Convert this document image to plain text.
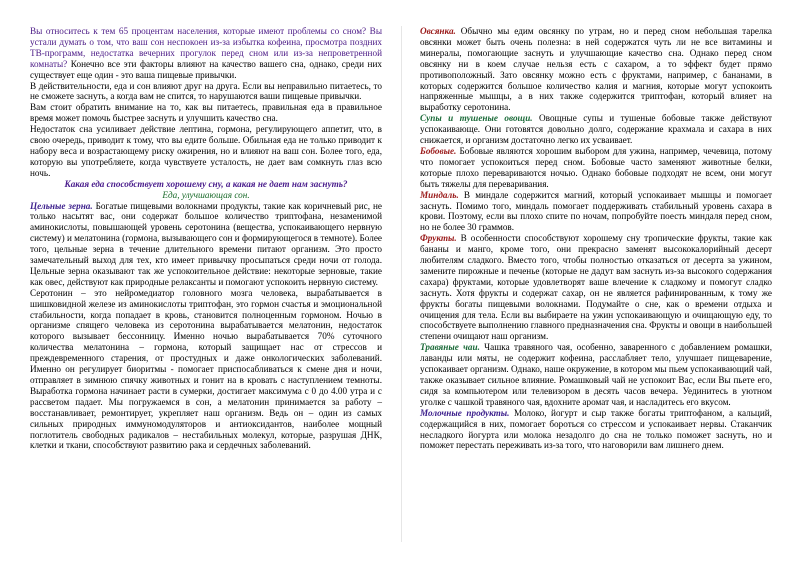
Вы относитесь к тем 65 процентам населения, которые имеют проблемы со сном? Вы устали думать о том, что ваш сон неспокоен из-за избытка кофеина, просмотра поздних ТВ-программ, недостатка вечерних прогулок перед сном или из-за непроветренной комнаты? Конечно все эти факторы влияют на качество вашего сна, однако, среди них существует еще один - это ваша пищевые привычки.

В действительности, еда и сон влияют друг на друга. Если вы неправильно питаетесь, то не сможете заснуть, а когда вам не спится, то нарушаются ваши пищевые привычки.

Вам стоит обратить внимание на то, как вы питаетесь, правильная еда в правильное время может помочь быстрее заснуть и улучшить качество сна.

Недостаток сна усиливает действие лептина, гормона, регулирующего аппетит, что, в свою очередь, приводит к тому, что вы едите больше. Обильная еда не только приводит к набору веса и возрастающему риску ожирения, но и влияют на ваш сон. Более того, еда, которую вы употребляете, когда чувствуете усталость, не дает вам сомкнуть глаз всю ночь.

Какая еда способствует хорошему сну, а какая не дает нам заснуть?

Еда, улучшающая сон.

Цельные зерна. Богатые пищевыми волокнами продукты, такие как коричневый рис, не только насытят вас, они содержат большое количество триптофана, незаменимой аминокислоты, повышающей уровень серотонина (вещества, успокаивающего нервную систему) и мелатонина (гормона, вызывающего сон и формирующегося в темноте). Более того, цельные зерна в течение длительного времени питают организм. Это просто замечательный выход для тех, кто имеет привычку просыпаться среди ночи от голода. Цельные зерна оказывают так же успокоительное действие: некоторые зерновые, такие как овес, действуют как природные релаксанты и помогают успокоить нервную систему.

Серотонин – это нейромедиатор головного мозга человека, вырабатывается в шишковидной железе из аминокислоты триптофан, это гормон счастья и эмоциональной стабильности, когда попадает в кровь, становится полноценным гормоном. Ночью в организме спящего человека из серотонина вырабатывается мелатонин, недостаток которого вызывает бессонницу. Именно ночью вырабатывается 70% суточного количества мелатонина – гормона, который защищает нас от стрессов и преждевременного старения, от простудных и даже онкологических заболеваний. Именно он регулирует биоритмы - помогает приспосабливаться к смене дня и ночи, отправляет в зимнюю спячку животных и гонит на в кровать с наступлением темноты. Выработка гормона начинает расти в сумерки, достигает максимума с 0 до 4.00 утра и с рассветом падает. Мы погружаемся в сон, а мелатонин принимается за работу – восстанавливает, ремонтирует, укрепляет наш организм. Ведь он – один из самых сильных природных иммуномодуляторов и антиоксидантов, наиболее мощный поглотитель свободных радикалов – нестабильных молекул, которые, разрушая ДНК, клетки и ткани, способствуют развитию рака и сердечных заболеваний.

Овсянка. Обычно мы едим овсянку по утрам, но и перед сном небольшая тарелка овсянки может быть очень полезна: в ней содержатся чуть ли не все витамины и минералы, помогающие заснуть и улучшающие качество сна. Однако перед сном овсянку ни в коем случае нельзя есть с сахаром, а то эффект будет прямо противоположный. Зато овсянку можно есть с фруктами, например, с бананами, в которых содержится большое количество калия и магния, которые могут успокоить напряженные мышцы, а в них также содержится триптофан, который влияет на выработку серотонина.

Супы и тушеные овощи. Овощные супы и тушеные бобовые также действуют успокаивающе. Они готовятся довольно долго, содержание крахмала и сахара в них снижается, и организм достаточно легко их усваивает.

Бобовые. Бобовые являются хорошим выбором для ужина, например, чечевица, потому что помогает успокоиться перед сном. Бобовые часто заменяют животные белки, которые плохо перевариваются ночью. Однако бобовые подходят не всем, они могут быть тяжелы для переваривания.

Миндаль. В миндале содержится магний, который успокаивает мышцы и помогает заснуть. Помимо того, миндаль помогает поддерживать стабильный уровень сахара в крови. Поэтому, если вы плохо спите по ночам, попробуйте поесть миндаля перед сном, но не более 30 граммов.

Фрукты. В особенности способствуют хорошему сну тропические фрукты, такие как бананы и манго, кроме того, они прекрасно заменят высококалорийный десерт любителям сладкого. Вместо того, чтобы полностью отказаться от десерта за ужином, замените пирожные и печенье (которые не дадут вам заснуть из-за высокого содержания сахара) фруктами, которые удовлетворят ваше влечение к сладкому и помогут сладко заснуть. Хотя фрукты и содержат сахар, он не является рафинированным, к тому же фрукты богаты пищевыми волокнами. Подумайте о сне, как о времени отдыха и очищения для тела. Если вы выбираете на ужин успокаивающую и очищающую еду, то способствуете выполнению главного предназначения сна. Фрукты и овощи в наибольшей степени очищают наш организм.

Травяные чаи. Чашка травяного чая, особенно, заваренного с добавлением ромашки, лаванды или мяты, не содержит кофеина, расслабляет тело, улучшает пищеварение, успокаивает организм. Однако, наше окружение, в котором мы пьем успокаивающий чай, также оказывает сильное влияние. Ромашковый чай не успокоит Вас, если Вы пьете его, сидя за компьютером или телевизором в десять часов вечера. Уединитесь в уютном уголке с чашкой травяного чая, вдохните аромат чая, и насладитесь его вкусом.

Молочные продукты. Молоко, йогурт и сыр также богаты триптофаном, а кальций, содержащийся в них, помогает бороться со стрессом и успокаивает нервы. Стаканчик несладкого йогурта или молока незадолго до сна не только поможет заснуть, но и поможет перестать переживать из-за того, что наговорили вам лишнего днем.
